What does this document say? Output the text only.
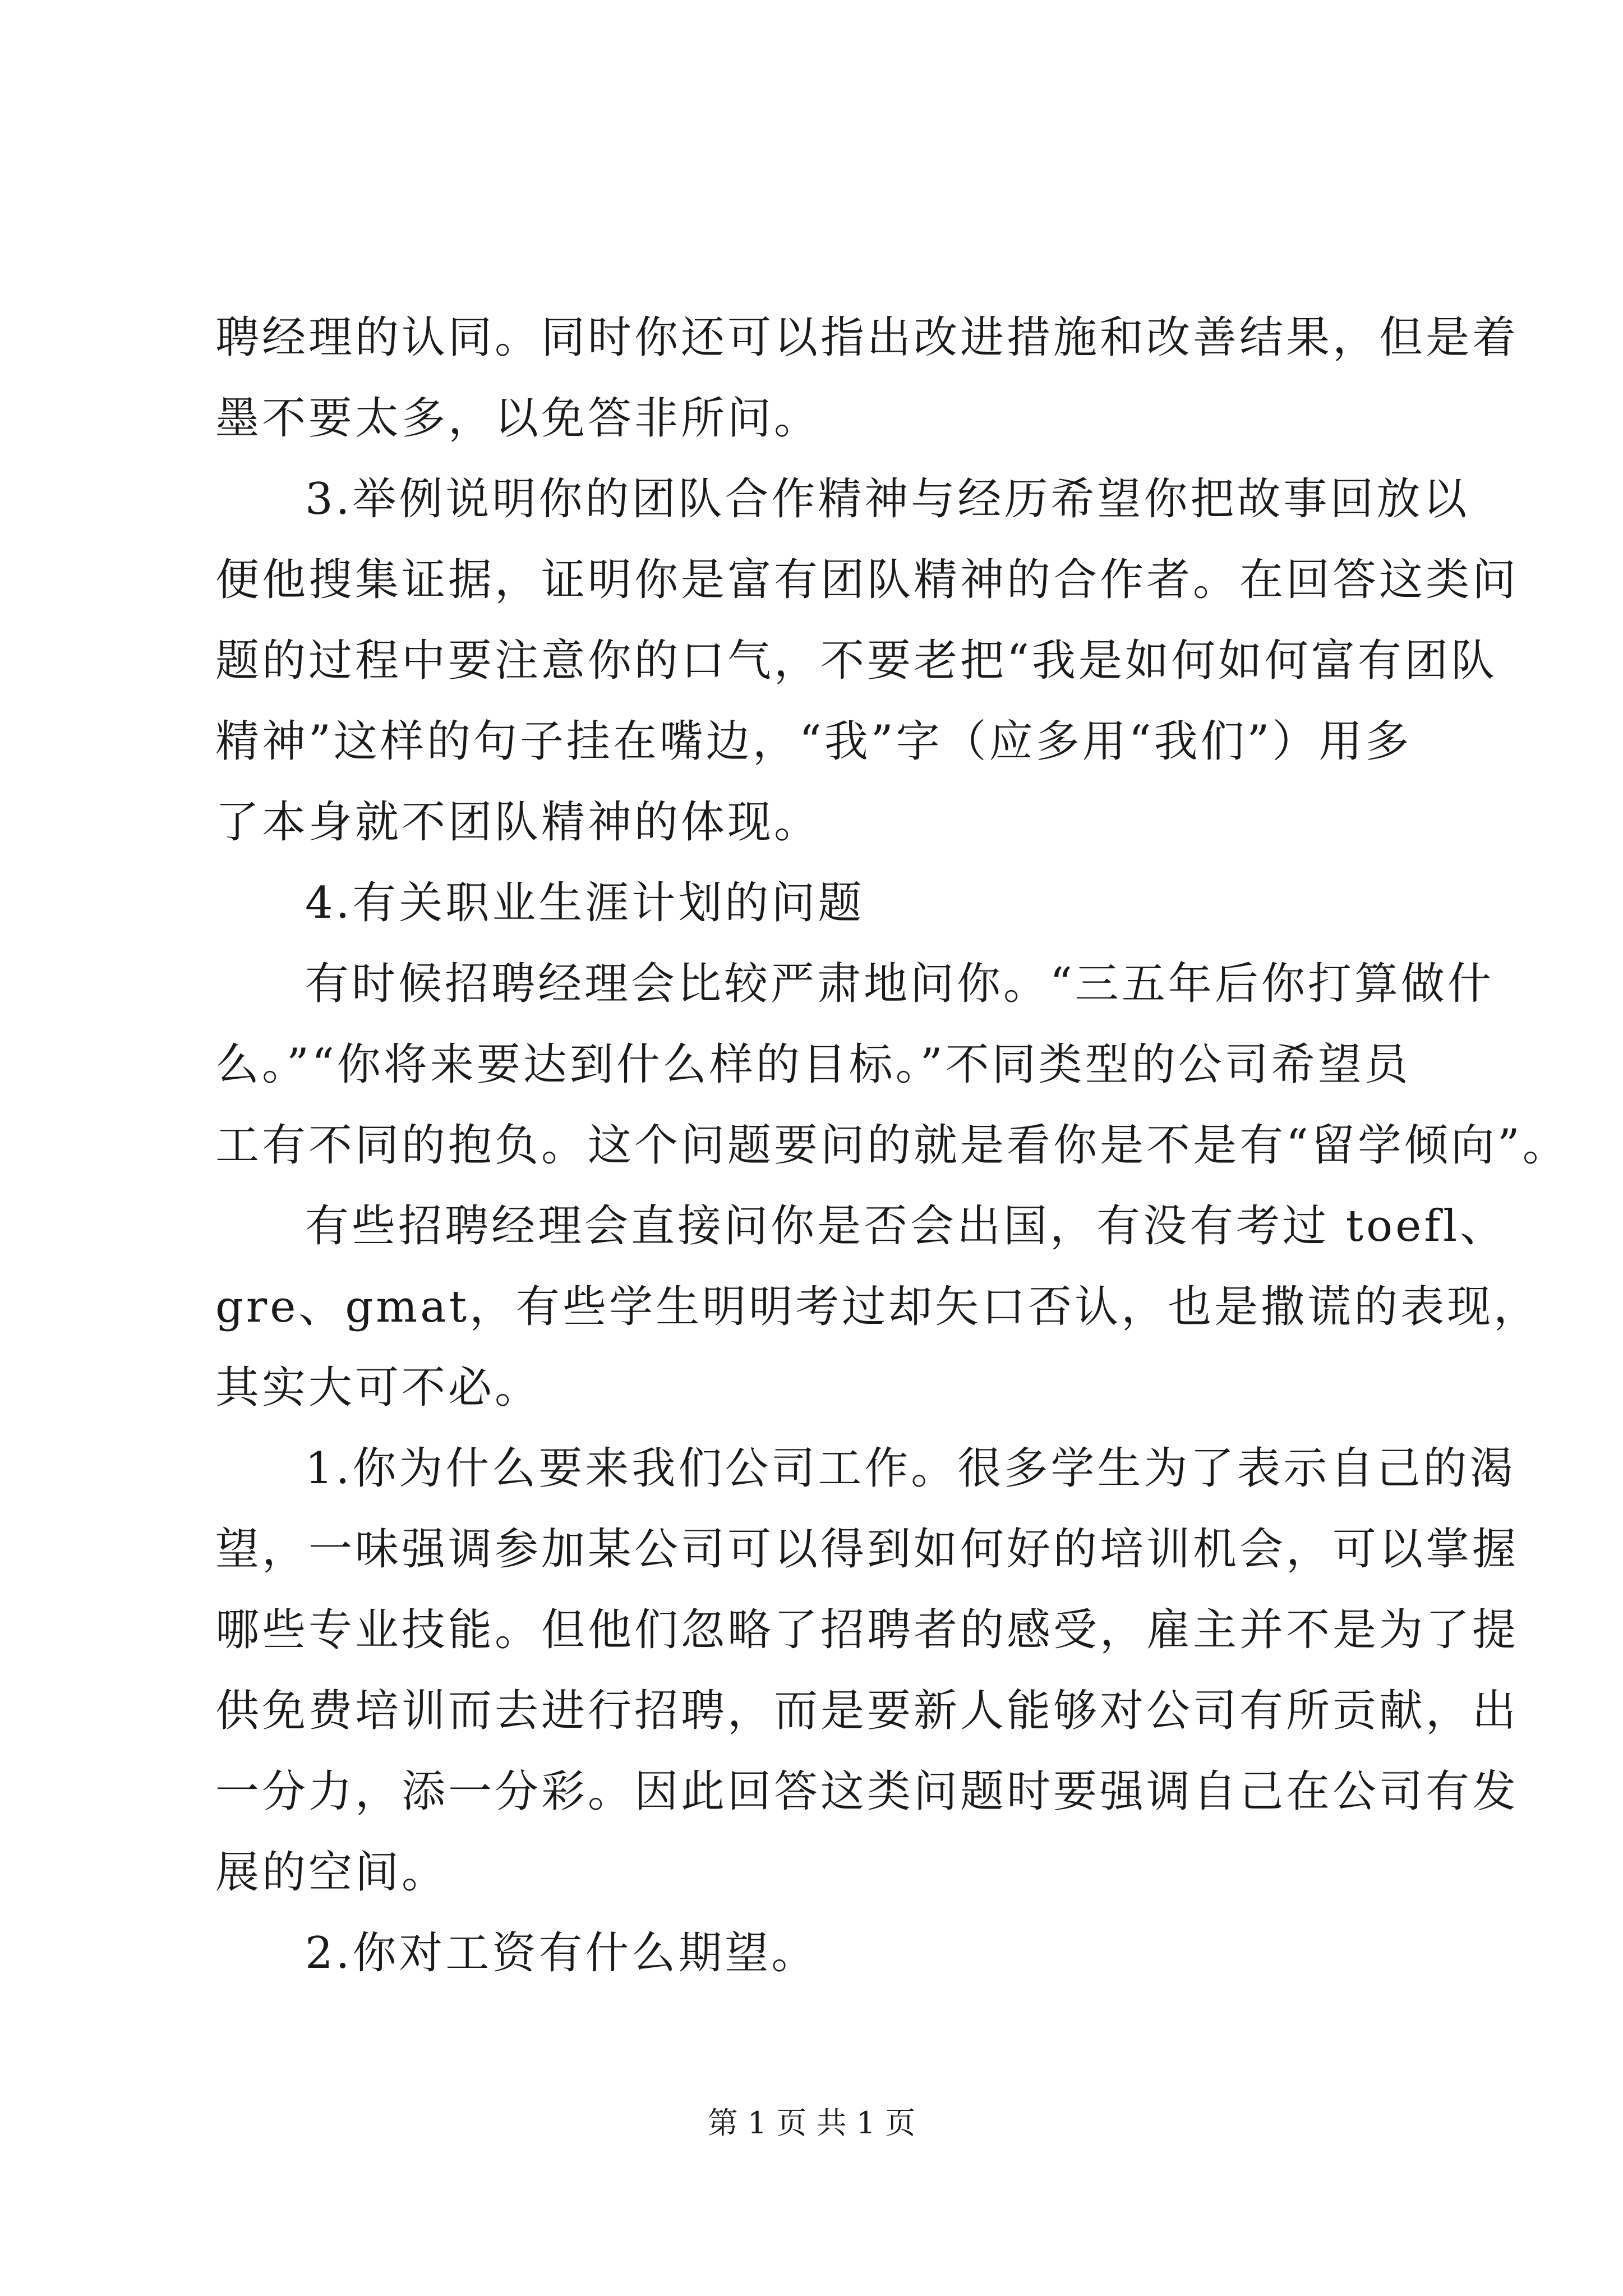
聘经理的认同。同时你还可以指出改进措施和改善结果，但是着
墨不要太多，以免答非所问。
3.举例说明你的团队合作精神与经历希望你把故事回放以
便他搜集证据，证明你是富有团队精神的合作者。在回答这类问
题的过程中要注意你的口气，不要老把“我是如何如何富有团队
精神”这样的句子挂在嘴边，“我”字（应多用“我们”）用多
了本身就不团队精神的体现。
4.有关职业生涯计划的问题
有时候招聘经理会比较严肃地问你。“三五年后你打算做什
么。”“你将来要达到什么样的目标。”不同类型的公司希望员
工有不同的抱负。这个问题要问的就是看你是不是有“留学倾向”。
有些招聘经理会直接问你是否会出国，有没有考过 toefl、
gre、gmat，有些学生明明考过却矢口否认，也是撒谎的表现，
其实大可不必。
1.你为什么要来我们公司工作。很多学生为了表示自己的渴
望，一味强调参加某公司可以得到如何好的培训机会，可以掌握
哪些专业技能。但他们忽略了招聘者的感受，雇主并不是为了提
供免费培训而去进行招聘，而是要新人能够对公司有所贡献，出
一分力，添一分彩。因此回答这类问题时要强调自己在公司有发
展的空间。
2.你对工资有什么期望。
第 1 页 共 1 页
